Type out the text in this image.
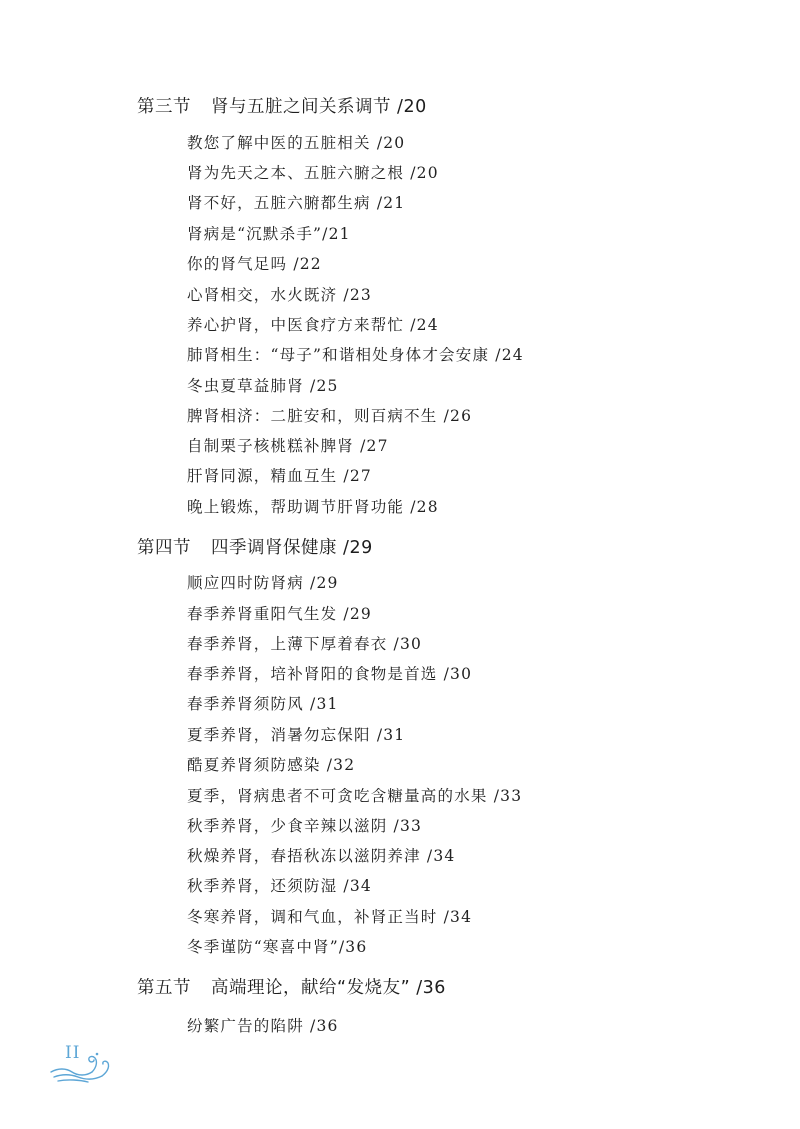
第三节 肾与五脏之间关系调节 /20
教您了解中医的五脏相关 /20
肾为先天之本、五脏六腑之根 /20
肾不好，五脏六腑都生病 /21
肾病是“沉默杀手”/21
你的肾气足吗 /22
心肾相交，水火既济 /23
养心护肾，中医食疗方来帮忙 /24
肺肾相生：“母子”和谐相处身体才会安康 /24
冬虫夏草益肺肾 /25
脾肾相济：二脏安和，则百病不生 /26
自制栗子核桃糕补脾肾 /27
肝肾同源，精血互生 /27
晚上锻炼，帮助调节肝肾功能 /28
第四节 四季调肾保健康 /29
顺应四时防肾病 /29
春季养肾重阳气生发 /29
春季养肾，上薄下厚着春衣 /30
春季养肾，培补肾阳的食物是首选 /30
春季养肾须防风 /31
夏季养肾，消暑勿忘保阳 /31
酷夏养肾须防感染 /32
夏季，肾病患者不可贪吃含糖量高的水果 /33
秋季养肾，少食辛辣以滋阴 /33
秋燥养肾，春捂秋冻以滋阴养津 /34
秋季养肾，还须防湿 /34
冬寒养肾，调和气血，补肾正当时 /34
冬季谨防“寒喜中肾”/36
第五节 高端理论，献给“发烧友” /36
纷繁广告的陷阱 /36
II
